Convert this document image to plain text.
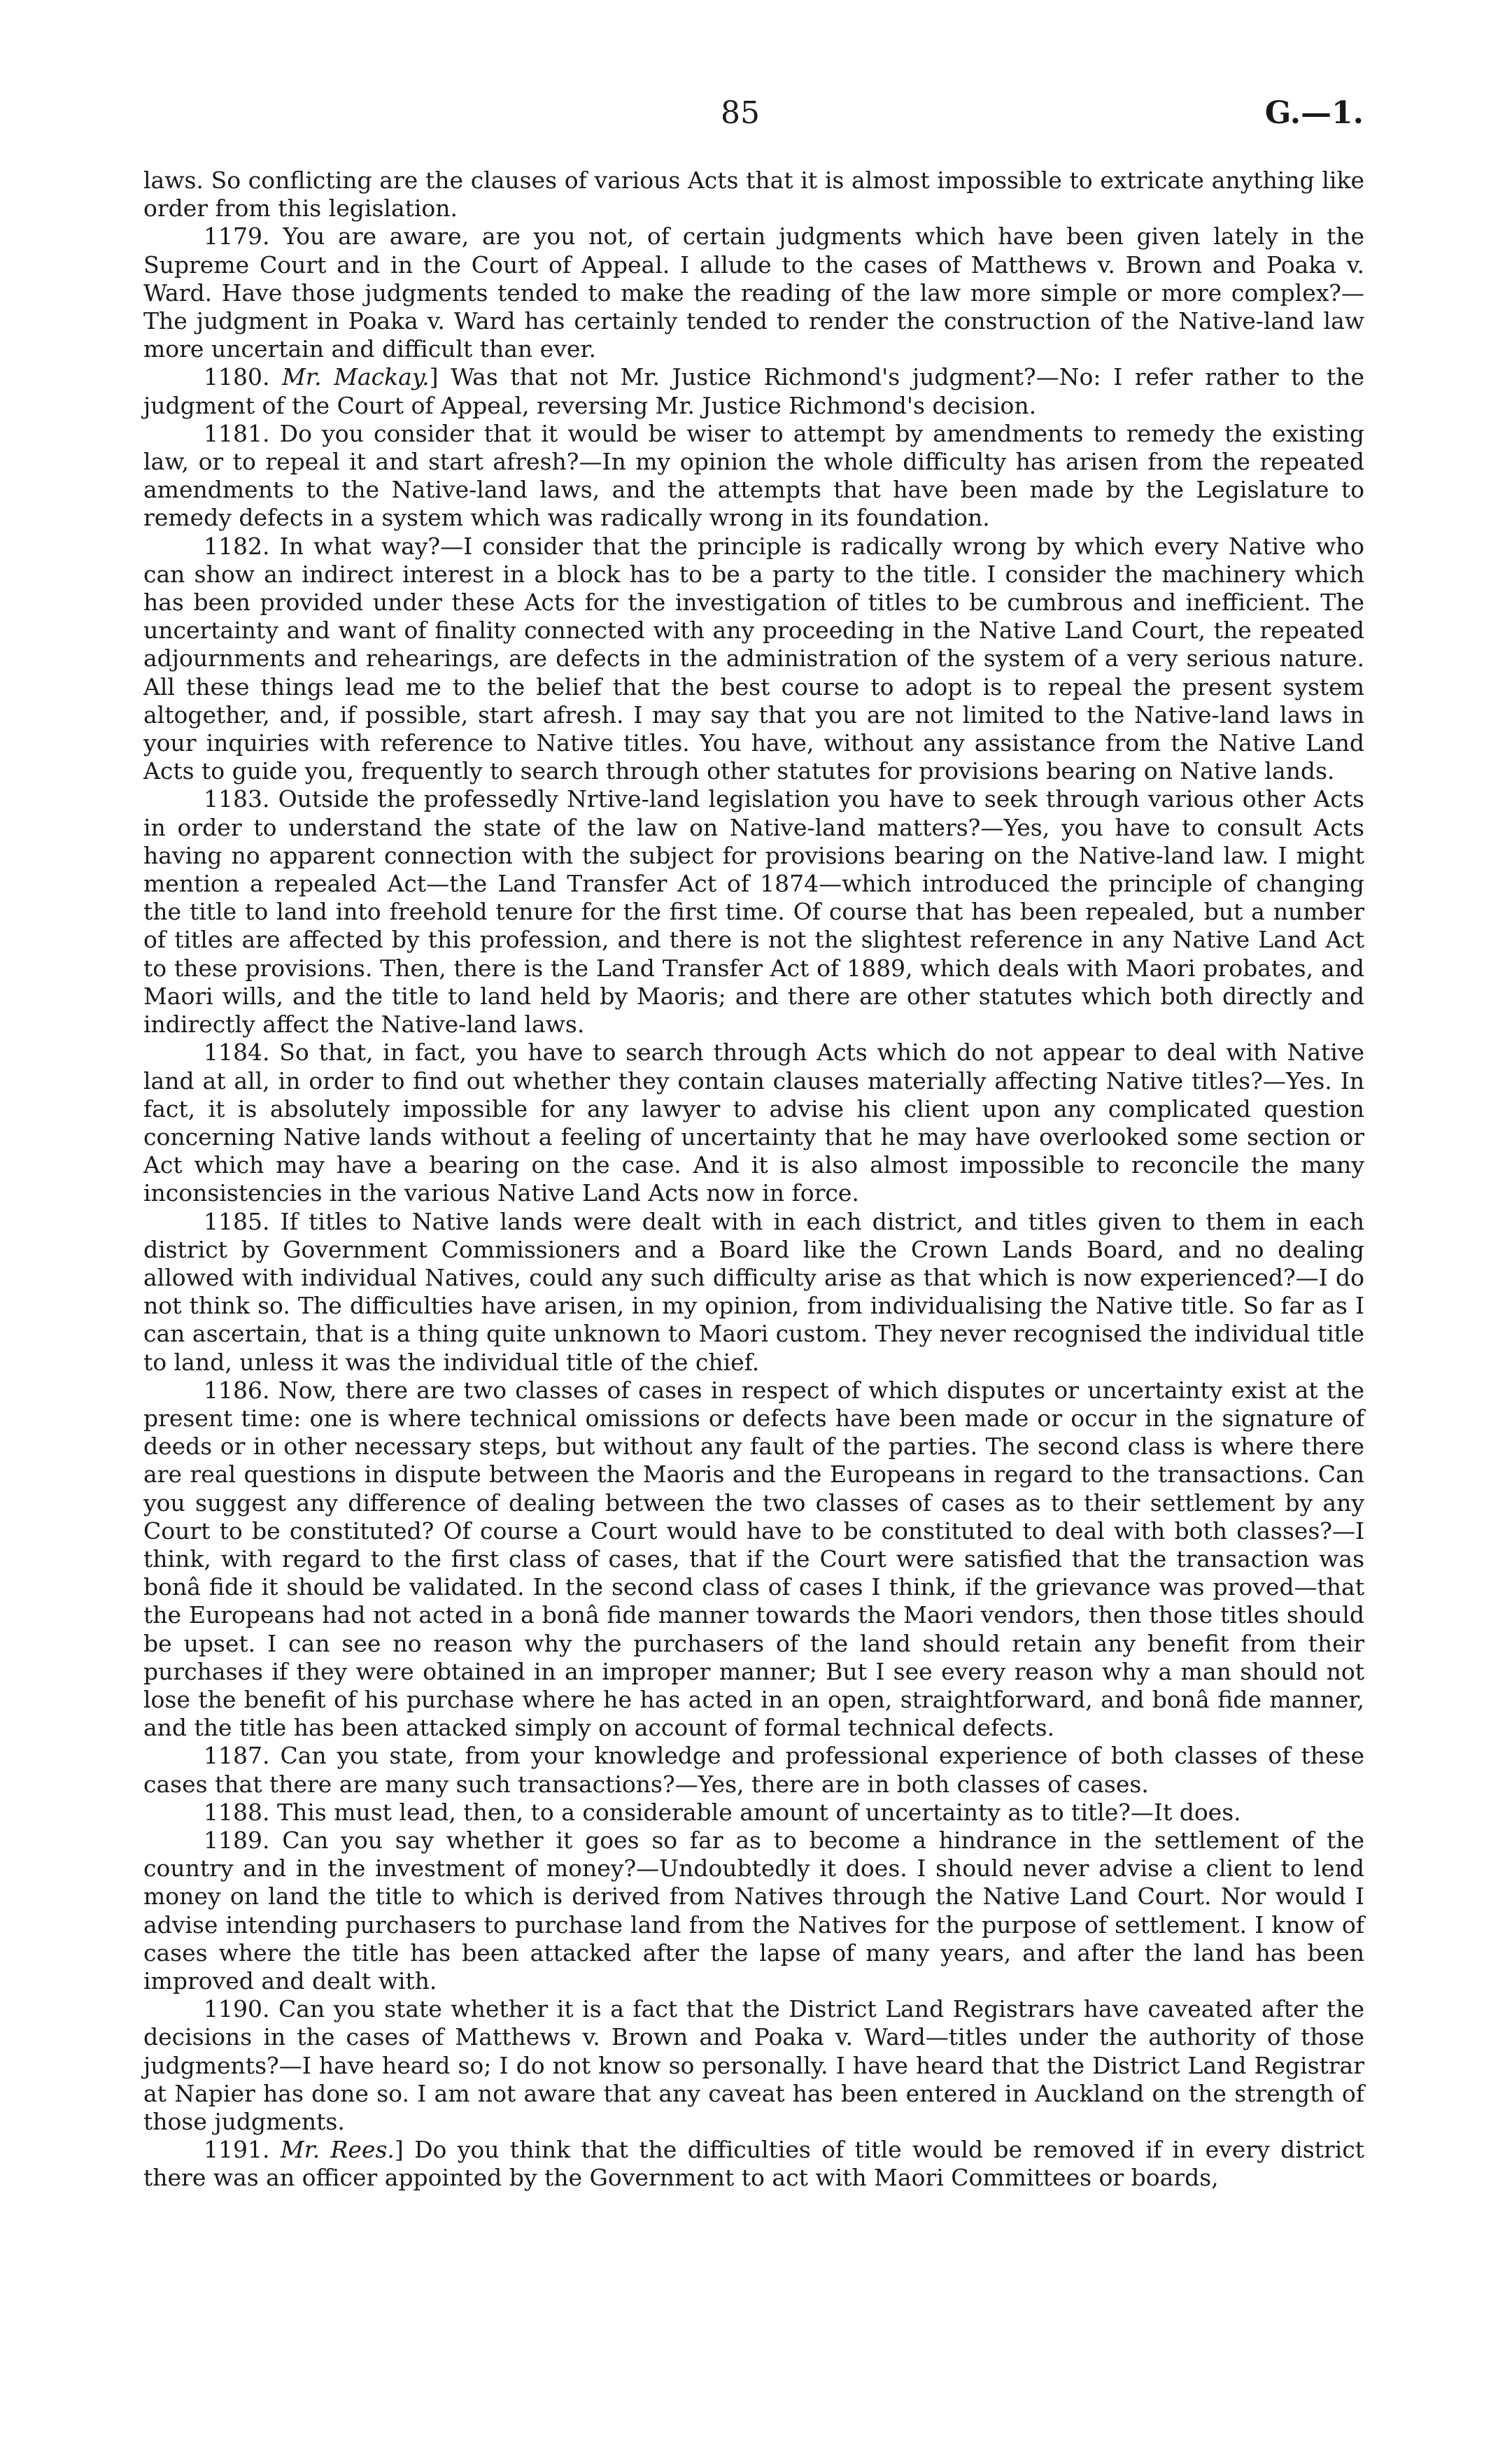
85	G.—1.

laws. So conflicting are the clauses of various Acts that it is almost impossible to extricate anything like order from this legislation.

1179. You are aware, are you not, of certain judgments which have been given lately in the Supreme Court and in the Court of Appeal. I allude to the cases of Matthews v. Brown and Poaka v. Ward. Have those judgments tended to make the reading of the law more simple or more complex?—The judgment in Poaka v. Ward has certainly tended to render the construction of the Native-land law more uncertain and difficult than ever.

1180. Mr. Mackay.] Was that not Mr. Justice Richmond's judgment?—No: I refer rather to the judgment of the Court of Appeal, reversing Mr. Justice Richmond's decision.

1181. Do you consider that it would be wiser to attempt by amendments to remedy the existing law, or to repeal it and start afresh?—In my opinion the whole difficulty has arisen from the repeated amendments to the Native-land laws, and the attempts that have been made by the Legislature to remedy defects in a system which was radically wrong in its foundation.

1182. In what way?—I consider that the principle is radically wrong by which every Native who can show an indirect interest in a block has to be a party to the title. I consider the machinery which has been provided under these Acts for the investigation of titles to be cumbrous and inefficient. The uncertainty and want of finality connected with any proceeding in the Native Land Court, the repeated adjournments and rehearings, are defects in the administration of the system of a very serious nature. All these things lead me to the belief that the best course to adopt is to repeal the present system altogether, and, if possible, start afresh. I may say that you are not limited to the Native-land laws in your inquiries with reference to Native titles. You have, without any assistance from the Native Land Acts to guide you, frequently to search through other statutes for provisions bearing on Native lands.

1183. Outside the professedly Nrtive-land legislation you have to seek through various other Acts in order to understand the state of the law on Native-land matters?—Yes, you have to consult Acts having no apparent connection with the subject for provisions bearing on the Native-land law. I might mention a repealed Act—the Land Transfer Act of 1874—which introduced the principle of changing the title to land into freehold tenure for the first time. Of course that has been repealed, but a number of titles are affected by this profession, and there is not the slightest reference in any Native Land Act to these provisions. Then, there is the Land Transfer Act of 1889, which deals with Maori probates, and Maori wills, and the title to land held by Maoris; and there are other statutes which both directly and indirectly affect the Native-land laws.

1184. So that, in fact, you have to search through Acts which do not appear to deal with Native land at all, in order to find out whether they contain clauses materially affecting Native titles?—Yes. In fact, it is absolutely impossible for any lawyer to advise his client upon any complicated question concerning Native lands without a feeling of uncertainty that he may have overlooked some section or Act which may have a bearing on the case. And it is also almost impossible to reconcile the many inconsistencies in the various Native Land Acts now in force.

1185. If titles to Native lands were dealt with in each district, and titles given to them in each district by Government Commissioners and a Board like the Crown Lands Board, and no dealing allowed with individual Natives, could any such difficulty arise as that which is now experienced?—I do not think so. The difficulties have arisen, in my opinion, from individualising the Native title. So far as I can ascertain, that is a thing quite unknown to Maori custom. They never recognised the individual title to land, unless it was the individual title of the chief.

1186. Now, there are two classes of cases in respect of which disputes or uncertainty exist at the present time: one is where technical omissions or defects have been made or occur in the signature of deeds or in other necessary steps, but without any fault of the parties. The second class is where there are real questions in dispute between the Maoris and the Europeans in regard to the transactions. Can you suggest any difference of dealing between the two classes of cases as to their settlement by any Court to be constituted? Of course a Court would have to be constituted to deal with both classes?—I think, with regard to the first class of cases, that if the Court were satisfied that the transaction was bonâ fide it should be validated. In the second class of cases I think, if the grievance was proved—that the Europeans had not acted in a bonâ fide manner towards the Maori vendors, then those titles should be upset. I can see no reason why the purchasers of the land should retain any benefit from their purchases if they were obtained in an improper manner; But I see every reason why a man should not lose the benefit of his purchase where he has acted in an open, straightforward, and bonâ fide manner, and the title has been attacked simply on account of formal technical defects.

1187. Can you state, from your knowledge and professional experience of both classes of these cases that there are many such transactions?—Yes, there are in both classes of cases.

1188. This must lead, then, to a considerable amount of uncertainty as to title?—It does.

1189. Can you say whether it goes so far as to become a hindrance in the settlement of the country and in the investment of money?—Undoubtedly it does. I should never advise a client to lend money on land the title to which is derived from Natives through the Native Land Court. Nor would I advise intending purchasers to purchase land from the Natives for the purpose of settlement. I know of cases where the title has been attacked after the lapse of many years, and after the land has been improved and dealt with.

1190. Can you state whether it is a fact that the District Land Registrars have caveated after the decisions in the cases of Matthews v. Brown and Poaka v. Ward—titles under the authority of those judgments?—I have heard so; I do not know so personally. I have heard that the District Land Registrar at Napier has done so. I am not aware that any caveat has been entered in Auckland on the strength of those judgments.

1191. Mr. Rees.] Do you think that the difficulties of title would be removed if in every district there was an officer appointed by the Government to act with Maori Committees or boards,
